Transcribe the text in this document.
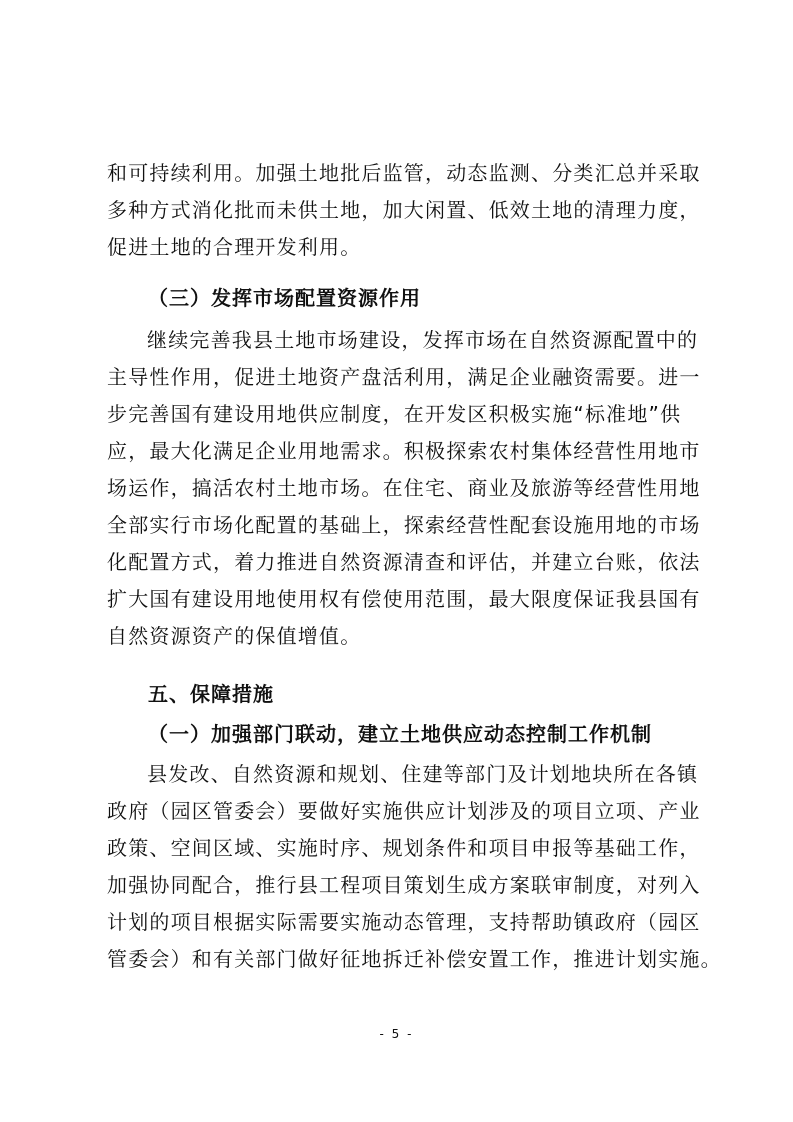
和可持续利用。加强土地批后监管，动态监测、分类汇总并采取
多种方式消化批而未供土地，加大闲置、低效土地的清理力度，
促进土地的合理开发利用。
（三）发挥市场配置资源作用
继续完善我县土地市场建设，发挥市场在自然资源配置中的
主导性作用，促进土地资产盘活利用，满足企业融资需要。进一
步完善国有建设用地供应制度，在开发区积极实施“标准地”供
应，最大化满足企业用地需求。积极探索农村集体经营性用地市
场运作，搞活农村土地市场。在住宅、商业及旅游等经营性用地
全部实行市场化配置的基础上，探索经营性配套设施用地的市场
化配置方式，着力推进自然资源清查和评估，并建立台账，依法
扩大国有建设用地使用权有偿使用范围，最大限度保证我县国有
自然资源资产的保值增值。
五、保障措施
（一）加强部门联动，建立土地供应动态控制工作机制
县发改、自然资源和规划、住建等部门及计划地块所在各镇
政府（园区管委会）要做好实施供应计划涉及的项目立项、产业
政策、空间区域、实施时序、规划条件和项目申报等基础工作，
加强协同配合，推行县工程项目策划生成方案联审制度，对列入
计划的项目根据实际需要实施动态管理，支持帮助镇政府（园区
管委会）和有关部门做好征地拆迁补偿安置工作，推进计划实施。
- 5 -
